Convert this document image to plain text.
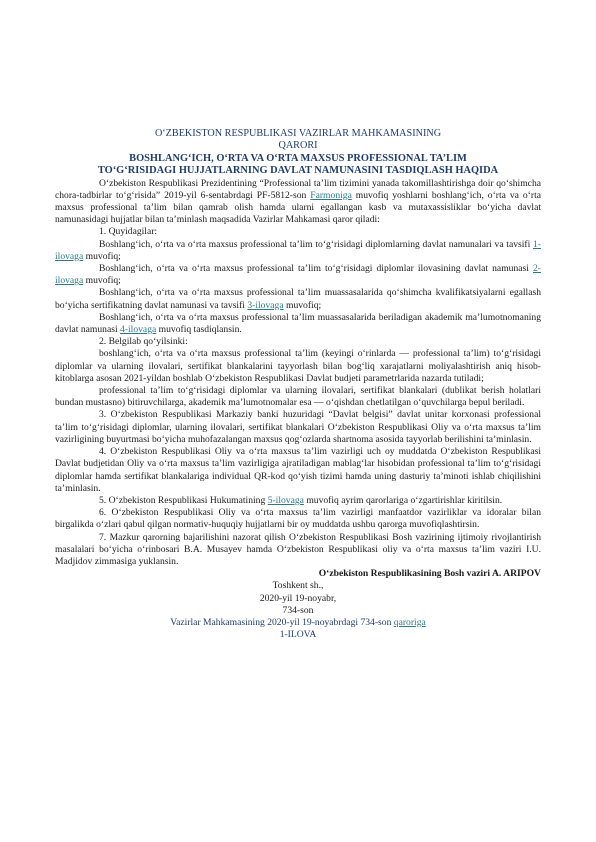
O‘ZBEKISTON RESPUBLIKASI VAZIRLAR MAHKAMASINING
QARORI
BOSHLANG‘ICH, O‘RTA VA O‘RTA MAXSUS PROFESSIONAL TA’LIM
TO‘G‘RISIDAGI HUJJATLARNING DAVLAT NAMUNASINI TASDIQLASH HAQIDA

O‘zbekiston Respublikasi Prezidentining “Professional ta’lim tizimini yanada takomillashtirishga doir qo‘shimcha chora-tadbirlar to‘g‘risida” 2019-yil 6-sentabrdagi PF-5812-son Farmoniga muvofiq yoshlarni boshlang‘ich, o‘rta va o‘rta maxsus professional ta’lim bilan qamrab olish hamda ularni egallangan kasb va mutaxassisliklar bo‘yicha davlat namunasidagi hujjatlar bilan ta’minlash maqsadida Vazirlar Mahkamasi qaror qiladi:

1. Quyidagilar:

Boshlang‘ich, o‘rta va o‘rta maxsus professional ta’lim to‘g‘risidagi diplomlarning davlat namunalari va tavsifi 1-ilovaga muvofiq;

Boshlang‘ich, o‘rta va o‘rta maxsus professional ta’lim to‘g‘risidagi diplomlar ilovasining davlat namunasi 2-ilovaga muvofiq;

Boshlang‘ich, o‘rta va o‘rta maxsus professional ta’lim muassasalarida qo‘shimcha kvalifikatsiyalarni egallash bo‘yicha sertifikatning davlat namunasi va tavsifi 3-ilovaga muvofiq;

Boshlang‘ich, o‘rta va o‘rta maxsus professional ta’lim muassasalarida beriladigan akademik ma’lumotnomaning davlat namunasi 4-ilovaga muvofiq tasdiqlansin.

2. Belgilab qo‘yilsinki:

boshlang‘ich, o‘rta va o‘rta maxsus professional ta’lim (keyingi o‘rinlarda — professional ta’lim) to‘g‘risidagi diplomlar va ularning ilovalari, sertifikat blankalarini tayyorlash bilan bog‘liq xarajatlarni moliyalashtirish aniq hisob-kitoblarga asosan 2021-yildan boshlab O‘zbekiston Respublikasi Davlat budjeti parametrlarida nazarda tutiladi;

professional ta’lim to‘g‘risidagi diplomlar va ularning ilovalari, sertifikat blankalari (dublikat berish holatlari bundan mustasno) bitiruvchilarga, akademik ma’lumotnomalar esa — o‘qishdan chetlatilgan o‘quvchilarga bepul beriladi.

3. O‘zbekiston Respublikasi Markaziy banki huzuridagi “Davlat belgisi” davlat unitar korxonasi professional ta’lim to‘g‘risidagi diplomlar, ularning ilovalari, sertifikat blankalari O‘zbekiston Respublikasi Oliy va o‘rta maxsus ta’lim vazirligining buyurtmasi bo‘yicha muhofazalangan maxsus qog‘ozlarda shartnoma asosida tayyorlab berilishini ta’minlasin.

4. O‘zbekiston Respublikasi Oliy va o‘rta maxsus ta’lim vazirligi uch oy muddatda O‘zbekiston Respublikasi Davlat budjetidan Oliy va o‘rta maxsus ta’lim vazirligiga ajratiladigan mablag‘lar hisobidan professional ta’lim to‘g‘risidagi diplomlar hamda sertifikat blankalariga individual QR-kod qo‘yish tizimi hamda uning dasturiy ta’minoti ishlab chiqilishini ta’minlasin.

5. O‘zbekiston Respublikasi Hukumatining 5-ilovaga muvofiq ayrim qarorlariga o‘zgartirishlar kiritilsin.

6. O‘zbekiston Respublikasi Oliy va o‘rta maxsus ta’lim vazirligi manfaatdor vazirliklar va idoralar bilan birgalikda o‘zlari qabul qilgan normativ-huquqiy hujjatlarni bir oy muddatda ushbu qarorga muvofiqlashtirsin.

7. Mazkur qarorning bajarilishini nazorat qilish O‘zbekiston Respublikasi Bosh vazirining ijtimoiy rivojlantirish masalalari bo‘yicha o‘rinbosari B.A. Musayev hamda O‘zbekiston Respublikasi oliy va o‘rta maxsus ta’lim vaziri I.U. Madjidov zimmasiga yuklansin.

O‘zbekiston Respublikasining Bosh vaziri A. ARIPOV
Toshkent sh.,
2020-yil 19-noyabr,
734-son
Vazirlar Mahkamasining 2020-yil 19-noyabrdagi 734-son qaroriga
1-ILOVA
